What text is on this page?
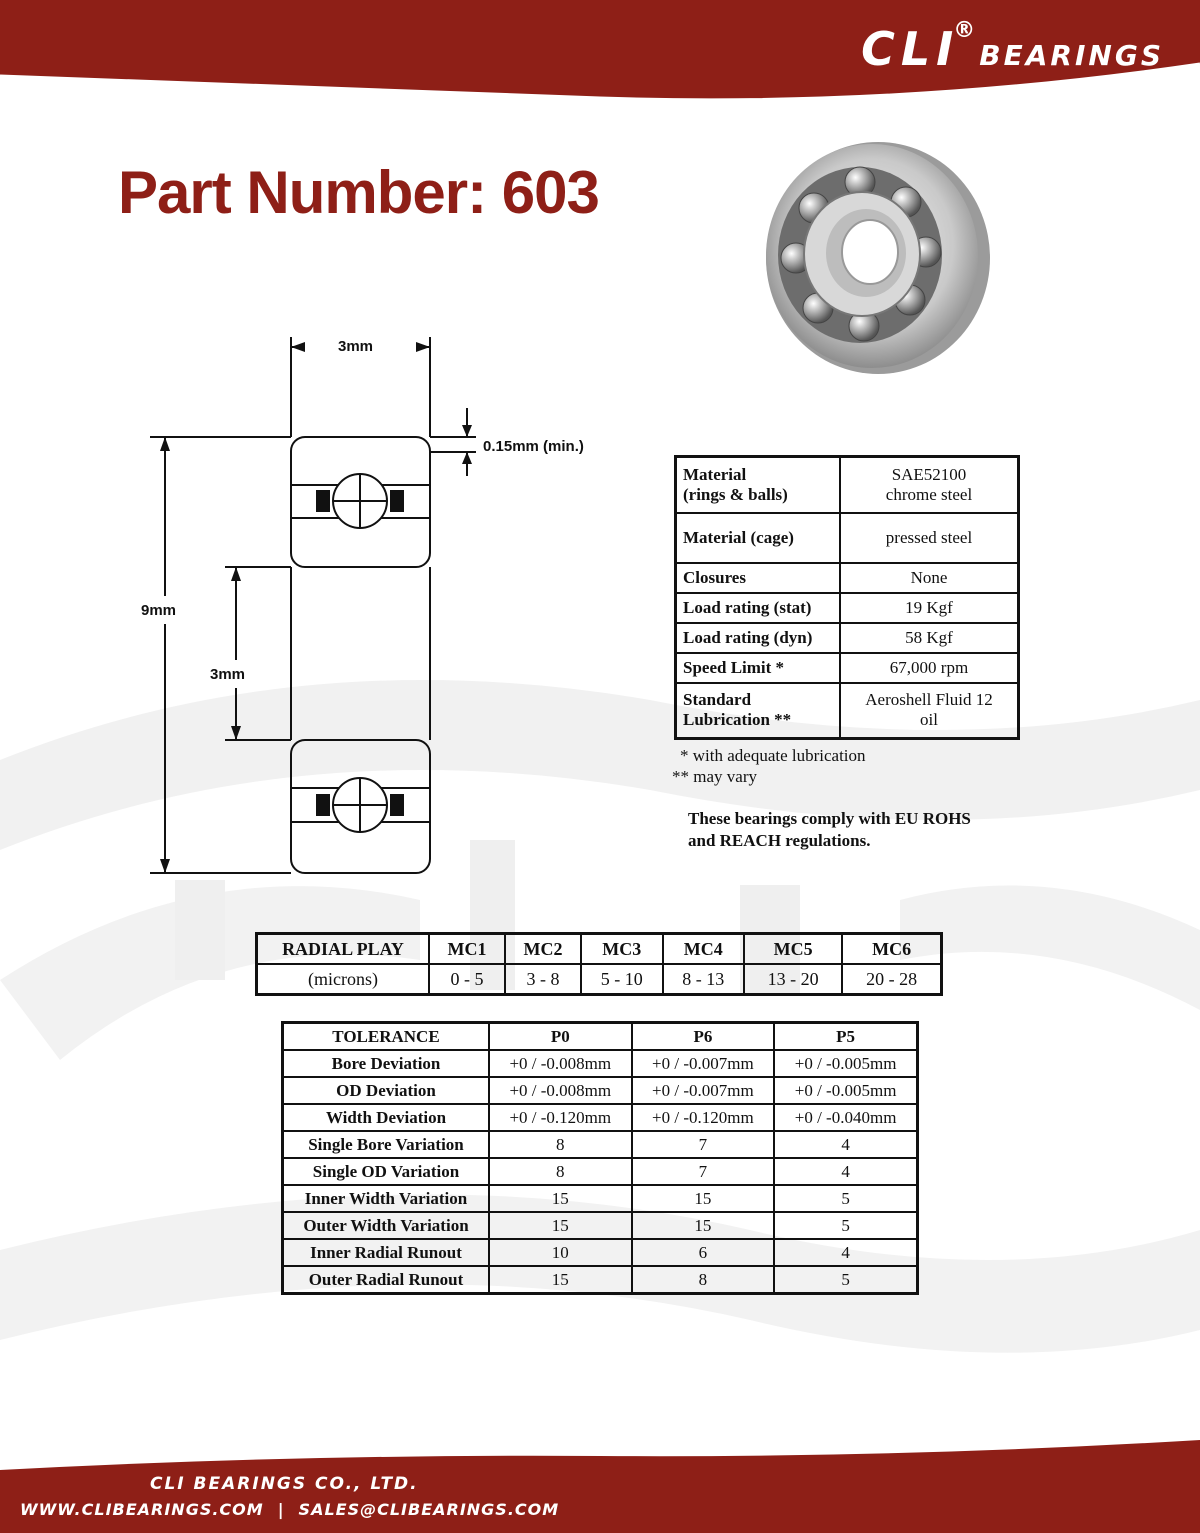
CLI®BEARINGS
Part Number: 603
3mm
0.15mm (min.)
9mm
3mm
Material
(rings & balls)	SAE52100
chrome steel
Material (cage)	pressed steel
Closures	None
Load rating (stat)	19 Kgf
Load rating (dyn)	58 Kgf
Speed Limit *	67,000 rpm
Standard
Lubrication **	Aeroshell Fluid 12
oil
* with adequate lubrication
** may vary
These bearings comply with EU ROHS
and REACH regulations.
RADIAL PLAY	MC1	MC2	MC3	MC4	MC5	MC6
(microns)	0 - 5	3 - 8	5 - 10	8 - 13	13 - 20	20 - 28
TOLERANCE	P0	P6	P5
Bore Deviation	+0 / -0.008mm	+0 / -0.007mm	+0 / -0.005mm
OD Deviation	+0 / -0.008mm	+0 / -0.007mm	+0 / -0.005mm
Width Deviation	+0 / -0.120mm	+0 / -0.120mm	+0 / -0.040mm
Single Bore Variation	8	7	4
Single OD Variation	8	7	4
Inner Width Variation	15	15	5
Outer Width Variation	15	15	5
Inner Radial Runout	10	6	4
Outer Radial Runout	15	8	5
CLI BEARINGS CO., LTD.
WWW.CLIBEARINGS.COM | SALES@CLIBEARINGS.COM
